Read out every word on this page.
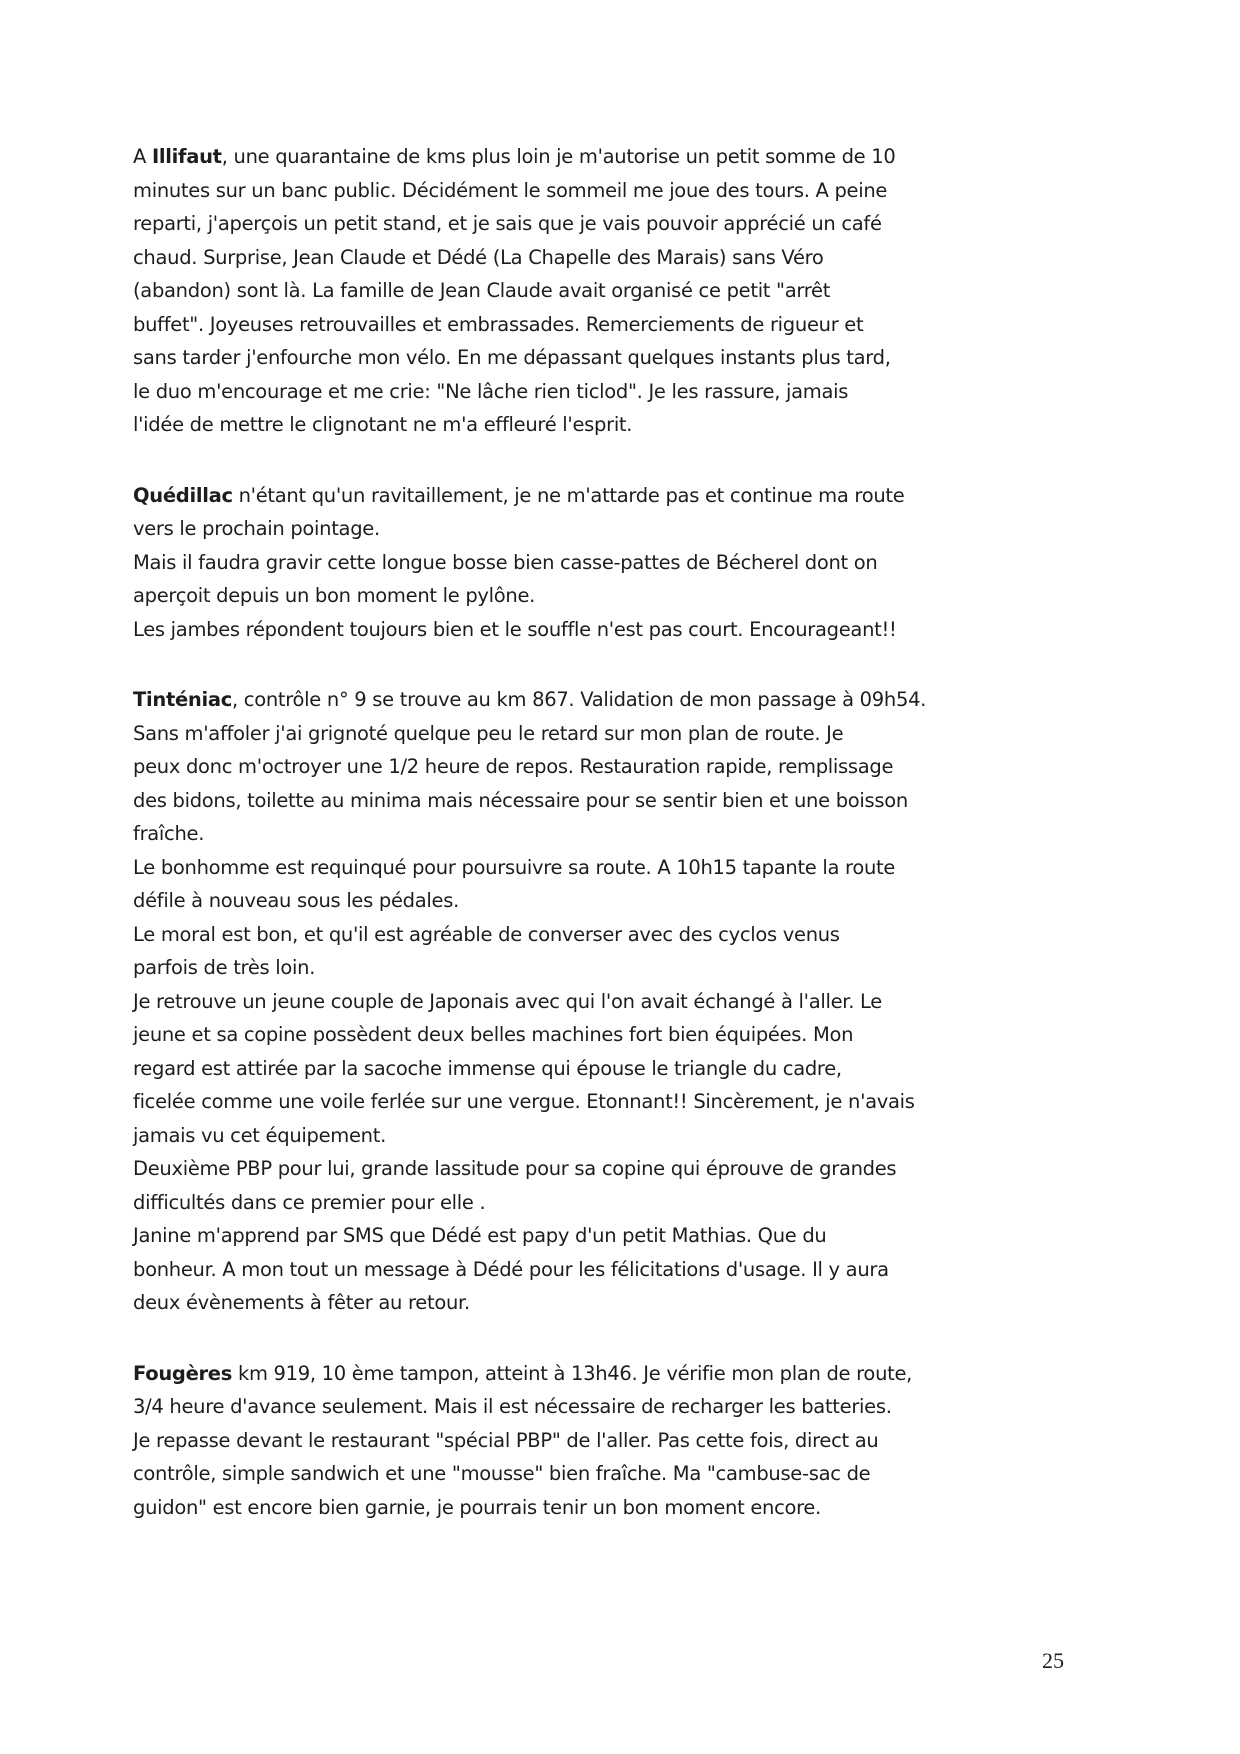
A Illifaut, une quarantaine de kms plus loin je m'autorise un petit somme de 10
minutes sur un banc public. Décidément le sommeil me joue des tours. A peine
reparti, j'aperçois un petit stand, et je sais que je vais pouvoir apprécié un café
chaud. Surprise, Jean Claude et Dédé (La Chapelle des Marais) sans Véro
(abandon) sont là. La famille de Jean Claude avait organisé ce petit "arrêt
buffet". Joyeuses retrouvailles et embrassades. Remerciements de rigueur et
sans tarder j'enfourche mon vélo. En me dépassant quelques instants plus tard,
le duo m'encourage et me crie: "Ne lâche rien ticlod". Je les rassure, jamais
l'idée de mettre le clignotant ne m'a effleuré l'esprit.
Quédillac n'étant qu'un ravitaillement, je ne m'attarde pas et continue ma route
vers le prochain pointage.
Mais il faudra gravir cette longue bosse bien casse-pattes de Bécherel dont on
aperçoit depuis un bon moment le pylône.
Les jambes répondent toujours bien et le souffle n'est pas court. Encourageant!!
Tinténiac, contrôle n° 9 se trouve au km 867. Validation de mon passage à 09h54.
Sans m'affoler j'ai grignoté quelque peu le retard sur mon plan de route. Je
peux donc m'octroyer une 1/2 heure de repos. Restauration rapide, remplissage
des bidons, toilette au minima mais nécessaire pour se sentir bien et une boisson
fraîche.
Le bonhomme est requinqué pour poursuivre sa route. A 10h15 tapante la route
défile à nouveau sous les pédales.
Le moral est bon, et qu'il est agréable de converser avec des cyclos venus
parfois de très loin.
Je retrouve un jeune couple de Japonais avec qui l'on avait échangé à l'aller. Le
jeune et sa copine possèdent deux belles machines fort bien équipées. Mon
regard est attirée par la sacoche immense qui épouse le triangle du cadre,
ficelée comme une voile ferlée sur une vergue. Etonnant!! Sincèrement, je n'avais
jamais vu cet équipement.
Deuxième PBP pour lui, grande lassitude pour sa copine qui éprouve de grandes
difficultés dans ce premier pour elle .
Janine m'apprend par SMS que Dédé est papy d'un petit Mathias. Que du
bonheur. A mon tout un message à Dédé pour les félicitations d'usage. Il y aura
deux évènements à fêter au retour.
Fougères km 919, 10 ème tampon, atteint à 13h46. Je vérifie mon plan de route,
3/4 heure d'avance seulement. Mais il est nécessaire de recharger les batteries.
Je repasse devant le restaurant "spécial PBP" de l'aller. Pas cette fois, direct au
contrôle, simple sandwich et une "mousse" bien fraîche. Ma "cambuse-sac de
guidon" est encore bien garnie, je pourrais tenir un bon moment encore.
25
